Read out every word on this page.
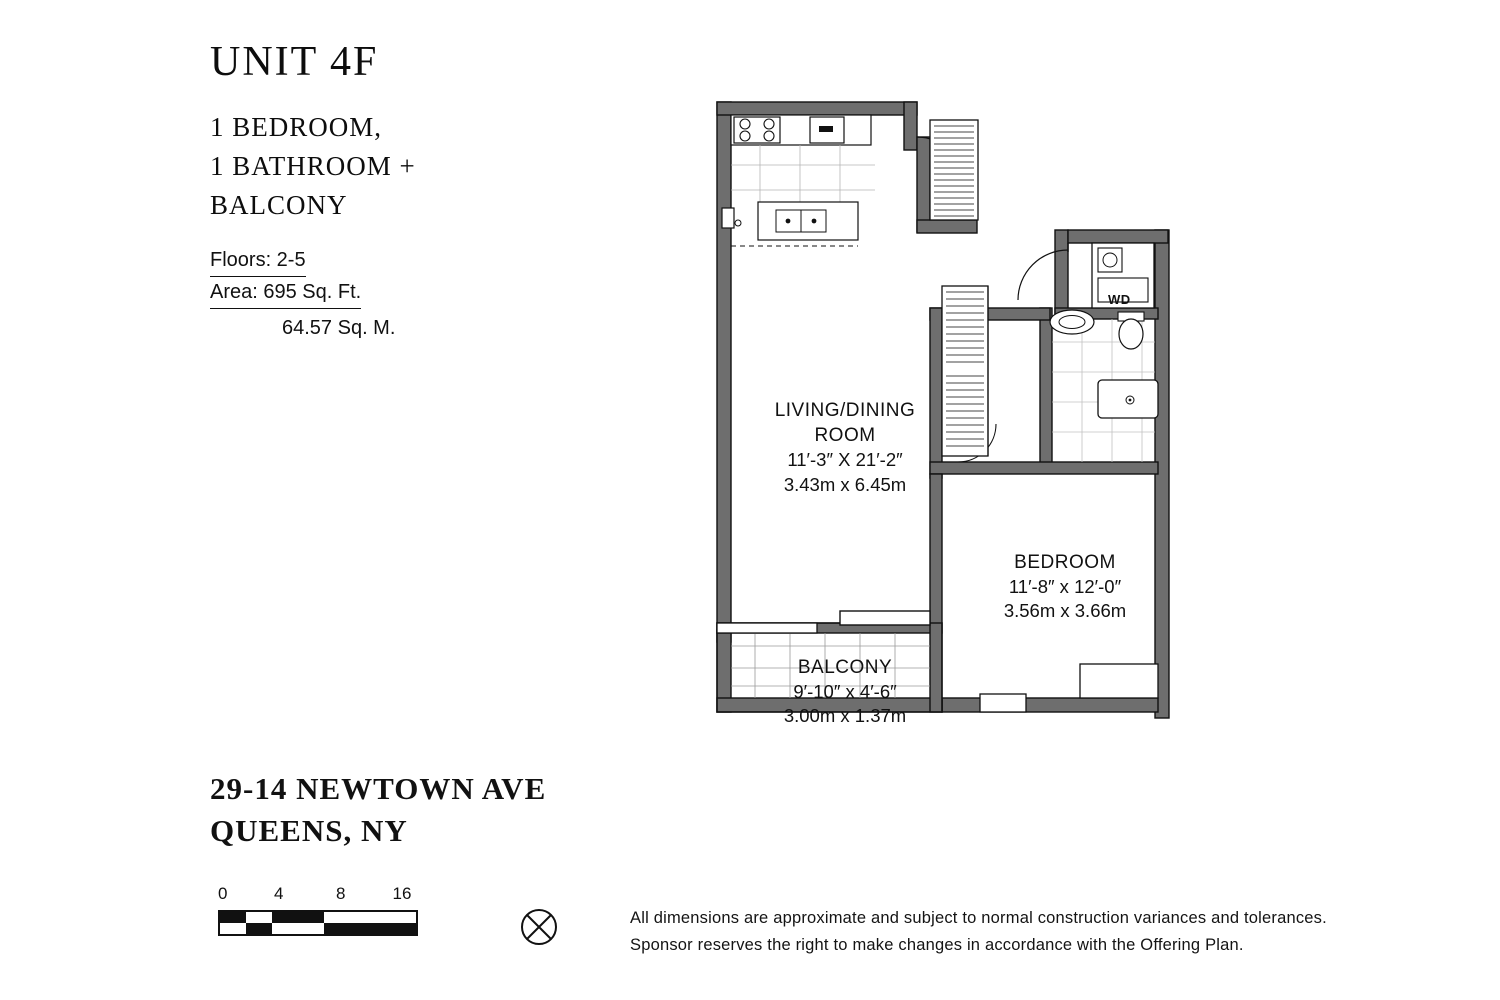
UNIT 4F

1 BEDROOM,
1 BATHROOM +
BALCONY

Floors: 2-5
Area: 695 Sq. Ft.
64.57 Sq. M.
29-14 NEWTOWN AVE
QUEENS, NY
0	4	8	16
All dimensions are approximate and subject to normal construction variances and tolerances.
Sponsor reserves the right to make changes in accordance with the Offering Plan.
LIVING/DINING
ROOM
11′-3″ X 21′-2″
3.43m x 6.45m
BEDROOM
11′-8″ x 12′-0″
3.56m x 3.66m
BALCONY
9′-10″ x 4′-6″
3.00m x 1.37m
WD
